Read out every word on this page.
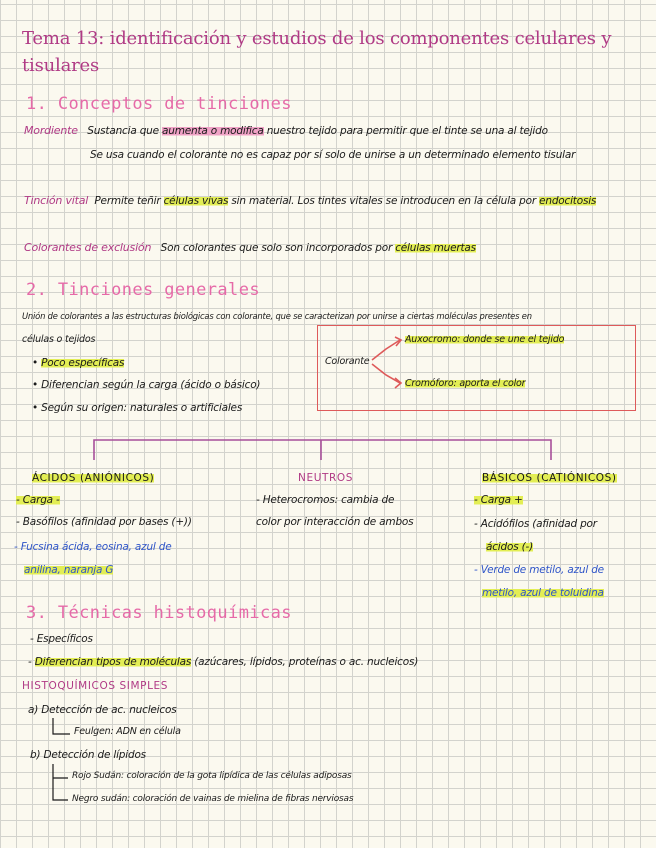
Tema 13: identificación y estudios de los componentes celulares y tisulares
1. Conceptos de tinciones
Mordiente Sustancia que aumenta o modifica nuestro tejido para permitir que el tinte se una al tejido
Se usa cuando el colorante no es capaz por sí solo de unirse a un determinado elemento tisular
Tinción vital Permite teñir células vivas sin material. Los tintes vitales se introducen en la célula por endocitosis
Colorantes de exclusión Son colorantes que solo son incorporados por células muertas
2. Tinciones generales
Unión de colorantes a las estructuras biológicas con colorante, que se caracterizan por unirse a ciertas moléculas presentes en
células o tejidos
• Poco específicas
• Diferencian según la carga (ácido o básico)
• Según su origen: naturales o artificiales
Colorante
Auxocromo: donde se une el tejido
Cromóforo: aporta el color
ÁCIDOS (ANIÓNICOS)
- Carga -
- Basófilos (afinidad por bases (+))
- Fucsina ácida, eosina, azul de
anilina, naranja G
NEUTROS
- Heterocromos: cambia de
color por interacción de ambos
BÁSICOS (CATIÓNICOS)
- Carga +
- Acidófilos (afinidad por
ácidos (-)
- Verde de metilo, azul de
metilo, azul de toluidina
3. Técnicas histoquímicas
- Específicos
- Diferencian tipos de moléculas (azúcares, lípidos, proteínas o ac. nucleicos)
HISTOQUÍMICOS SIMPLES
a) Detección de ac. nucleicos
Feulgen: ADN en célula
b) Detección de lípidos
Rojo Sudán: coloración de la gota lipídica de las células adiposas
Negro sudán: coloración de vainas de mielina de fibras nerviosas
